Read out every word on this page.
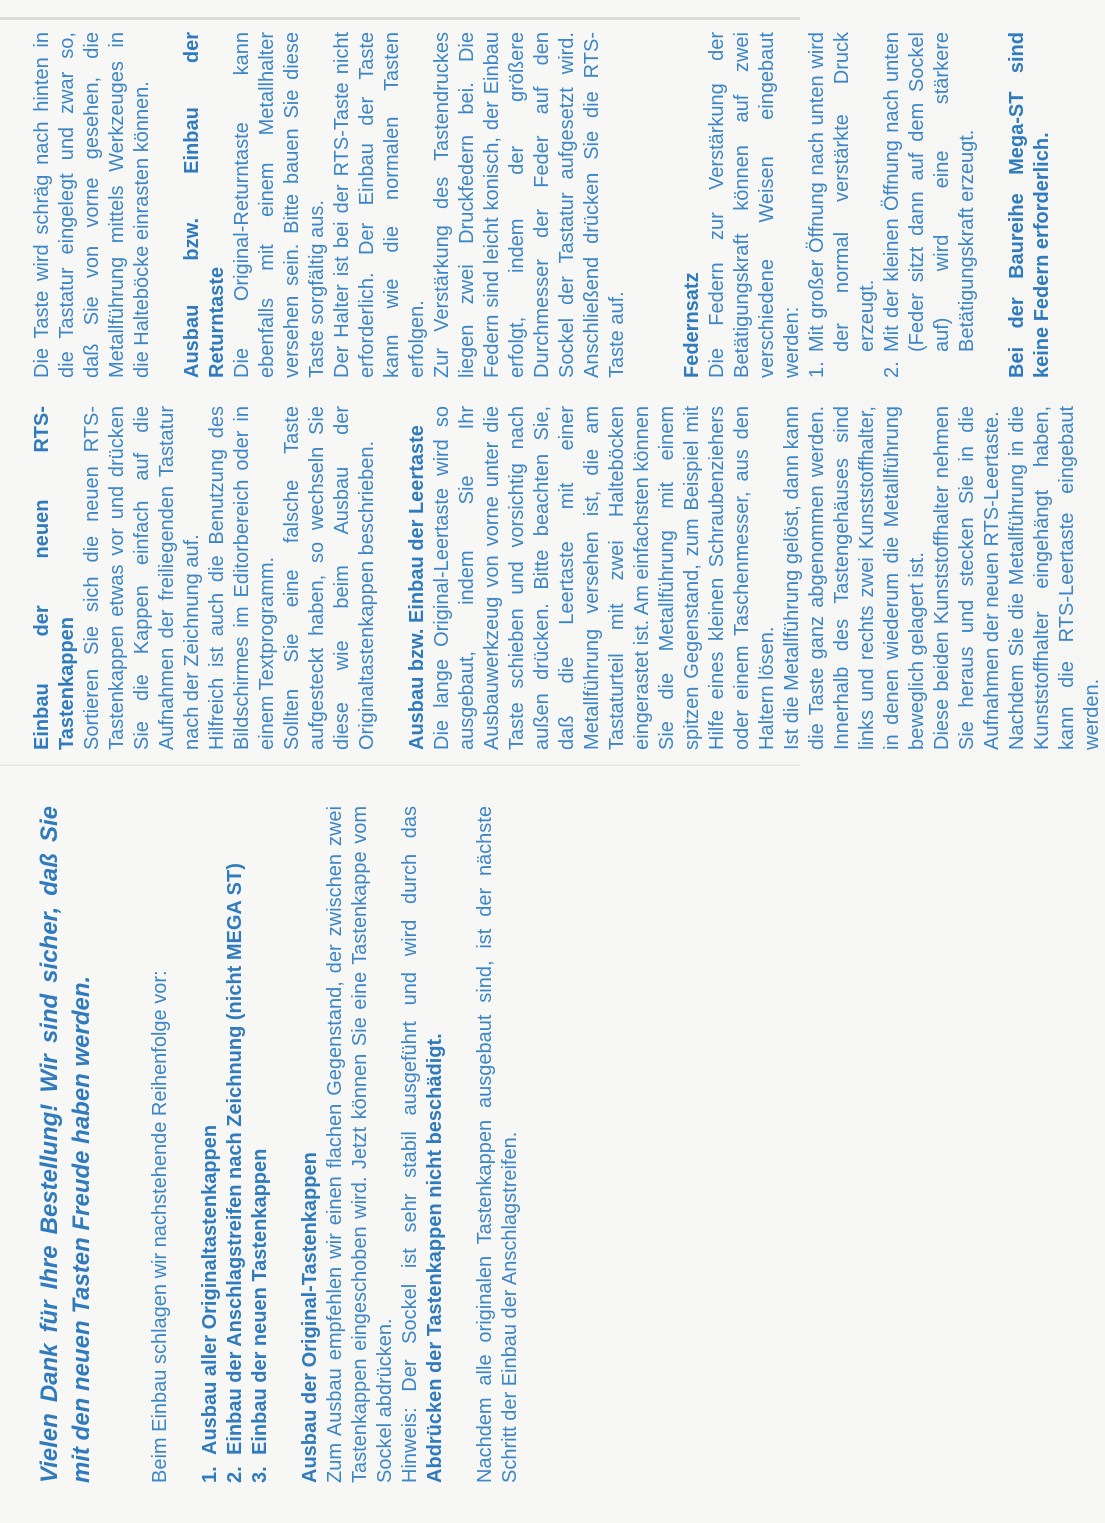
Vielen Dank für Ihre Bestellung! Wir sind sicher, daß Sie mit den neuen Tasten Freude haben werden.	Beim Einbau schlagen wir nachstehende Reihenfolge vor: 1.
Ausbau aller Originaltastenkappen
2.
Einbau der Anschlagstreifen nach Zeichnung (nicht MEGA ST)
3.
Einbau der neuen Tastenkappen Ausbau der Original-Tastenkappen Zum Ausbau empfehlen wir einen flachen Gegenstand, der zwischen zwei Tastenkappen eingeschoben wird. Jetzt können Sie eine Tastenkappe vom Sockel abdrücken. Hinweis: Der Sockel ist sehr stabil ausgeführt und wird durch das Abdrücken der Tastenkappen nicht beschädigt. Nachdem alle originalen Tastenkappen ausgebaut sind, ist der nächste Schritt der Einbau der Anschlagstreifen.

Einbau der neuen RTS-Tastenkappen Sortieren Sie sich die neuen RTS-Tastenkappen etwas vor und drücken Sie die Kappen einfach auf die Aufnahmen der freiliegenden Tastatur nach der Zeichnung auf. Hilfreich ist auch die Benutzung des Bildschirmes im Editorbereich oder in einem Textprogramm. Sollten Sie eine falsche Taste aufgesteckt haben, so wechseln Sie diese wie beim Ausbau der Originaltastenkappen beschrieben. Ausbau bzw. Einbau der Leertaste Die lange Original-Leertaste wird so ausgebaut, indem Sie Ihr Ausbauwerkzeug von vorne unter die Taste schieben und vorsichtig nach außen drücken. Bitte beachten Sie, daß die Leertaste mit einer Metallführung versehen ist, die am Tastaturteil mit zwei Halteböcken eingerastet ist. Am einfachsten können Sie die Metallführung mit einem spitzen Gegenstand, zum Beispiel mit Hilfe eines kleinen Schraubenziehers oder einem Taschenmesser, aus den Haltern lösen. Ist die Metallführung gelöst, dann kann die Taste ganz abgenommen werden. Innerhalb des Tastengehäuses sind links und rechts zwei Kunststoffhalter, in denen wiederum die Metallführung beweglich gelagert ist. Diese beiden Kunststoffhalter nehmen Sie heraus und stecken Sie in die Aufnahmen der neuen RTS-Leertaste. Nachdem Sie die Metallführung in die Kunststoffhalter eingehängt haben, kann die RTS-Leertaste eingebaut werden.

Die Taste wird schräg nach hinten in die Tastatur eingelegt und zwar so, daß Sie von vorne gesehen, die Metallführung mittels Werkzeuges in die Halteböcke einrasten können. Ausbau bzw. Einbau der Returntaste Die Original-Returntaste kann ebenfalls mit einem Metallhalter versehen sein. Bitte bauen Sie diese Taste sorgfältig aus. Der Halter ist bei der RTS-Taste nicht erforderlich. Der Einbau der Taste kann wie die normalen Tasten erfolgen. Zur Verstärkung des Tastendruckes liegen zwei Druckfedern bei. Die Federn sind leicht konisch, der Einbau erfolgt, indem der größere Durchmesser der Feder auf den Sockel der Tastatur aufgesetzt wird. Anschließend drücken Sie die RTS-Taste auf.	Federnsatz Die Federn zur Verstärkung der Betätigungskraft können auf zwei verschiedene Weisen eingebaut werden: 1.
Mit großer Öffnung nach unten wird der normal verstärkte Druck erzeugt.
2.
Mit der kleinen Öffnung nach unten (Feder sitzt dann auf dem Sockel auf) wird eine stärkere Betätigungskraft erzeugt. Bei der Baureihe Mega-ST sind keine Federn erforderlich.
